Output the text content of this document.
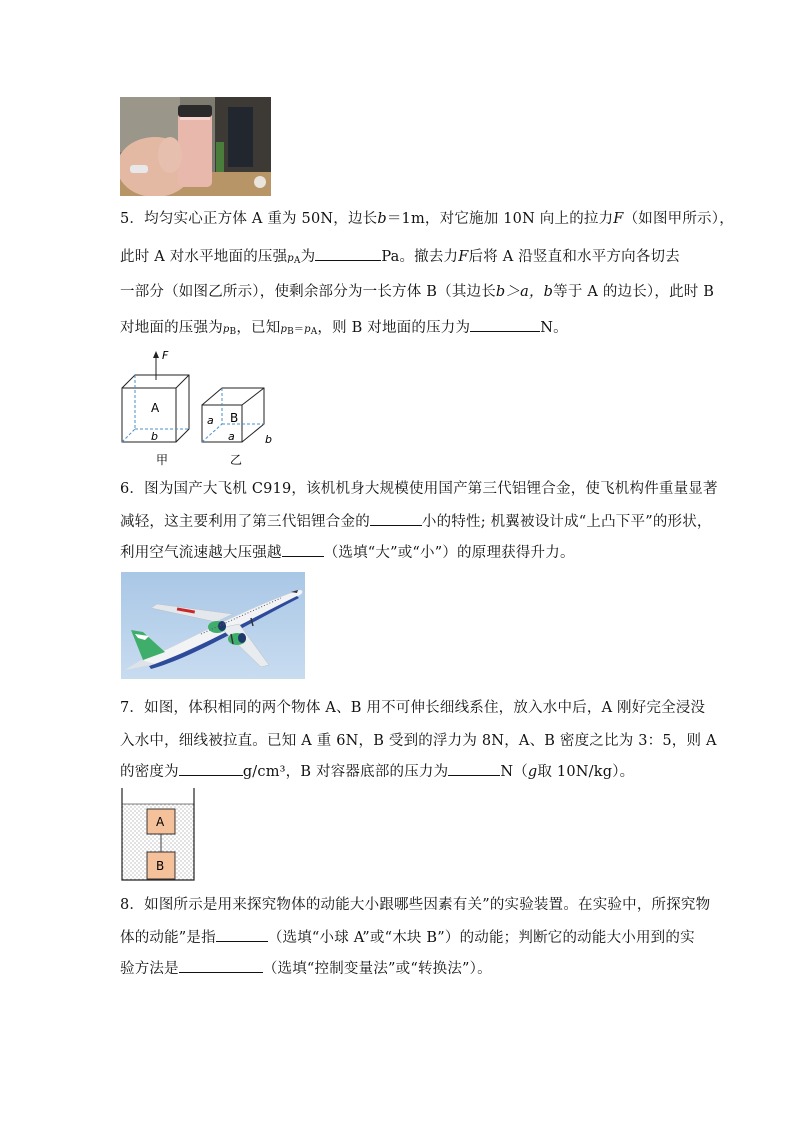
5．均匀实心正方体 A 重为 50N，边长b＝1m，对它施加 10N 向上的拉力F（如图甲所示），
此时 A 对水平地面的压强$p_A$为	Pa。撤去力F后将 A 沿竖直和水平方向各切去
一部分（如图乙所示），使剩余部分为一长方体 B（其边长b＞a，b等于 A 的边长），此时 B
对地面的压强为$p_B$，已知$p_B=p_A$，则 B 对地面的压力为	N。
F
A
b
B
a
a	b
甲	乙
6．图为国产大飞机 C919，该机机身大规模使用国产第三代铝锂合金，使飞机构件重量显著
减轻，这主要利用了第三代铝锂合金的	小的特性; 机翼被设计成“上凸下平”的形状，
利用空气流速越大压强越	（选填“大”或“小”）的原理获得升力。
7．如图，体积相同的两个物体 A、B 用不可伸长细线系住，放入水中后，A 刚好完全浸没
入水中，细线被拉直。已知 A 重 6N，B 受到的浮力为 8N，A、B 密度之比为 3：5，则 A
的密度为	g/cm³，B 对容器底部的压力为	N（g取 10N/kg）。
A
B
8．如图所示是用来探究物体的动能大小跟哪些因素有关”的实验装置。在实验中，所探究物
体的动能”是指	（选填“小球 A”或“木块 B”）的动能；判断它的动能大小用到的实
验方法是	（选填“控制变量法”或“转换法”）。
